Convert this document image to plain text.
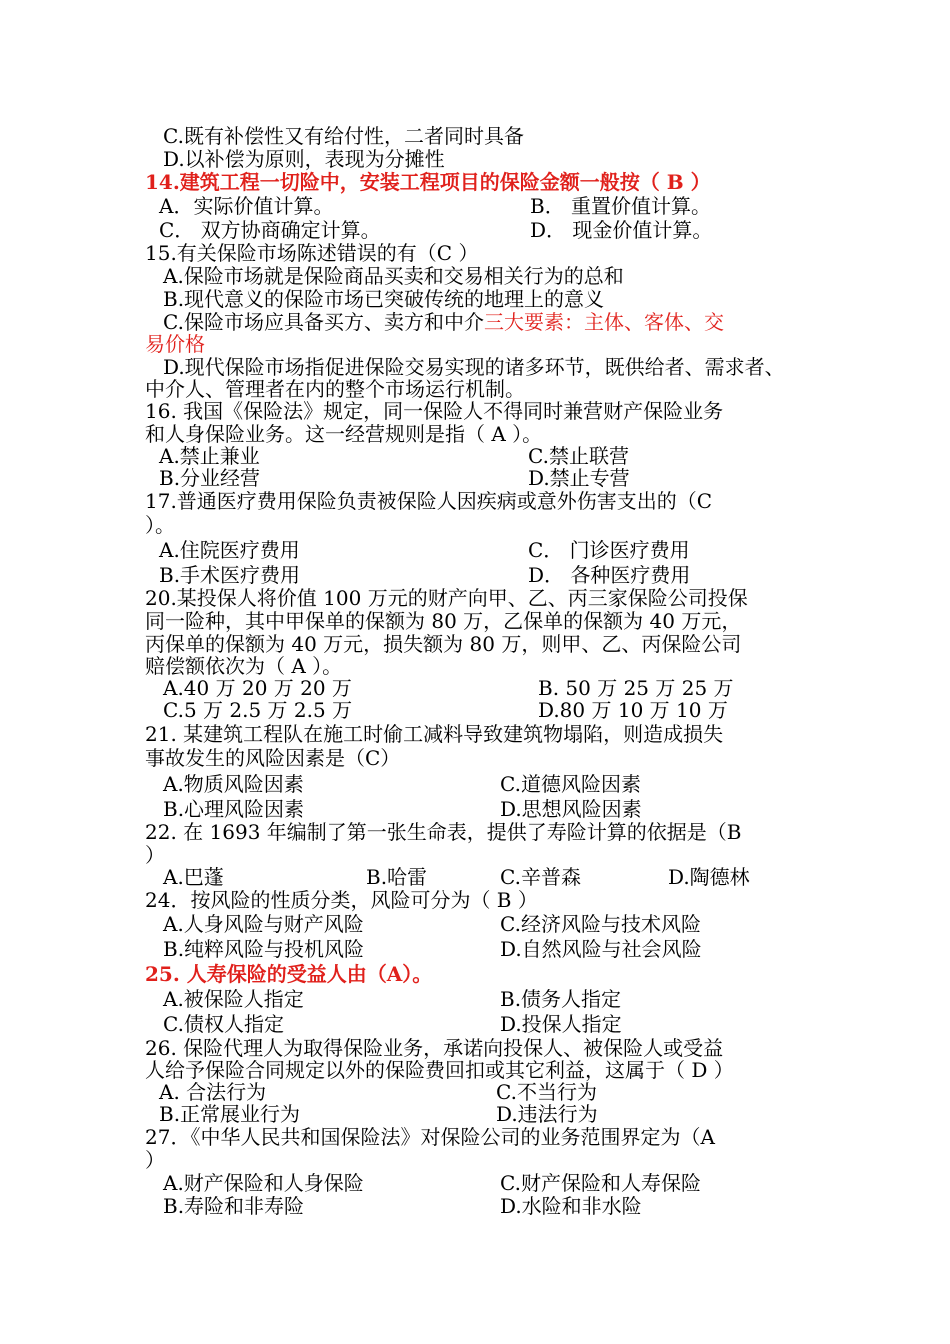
C.既有补偿性又有给付性，二者同时具备
D.以补偿为原则，表现为分摊性
14.建筑工程一切险中，安装工程项目的保险金额一般按（ B ）
A．实际价值计算。	B． 重置价值计算。
C． 双方协商确定计算。	D． 现金价值计算。
15.有关保险市场陈述错误的有（C ）
A.保险市场就是保险商品买卖和交易相关行为的总和
B.现代意义的保险市场已突破传统的地理上的意义
C.保险市场应具备买方、卖方和中介三大要素：主体、客体、交
易价格
D.现代保险市场指促进保险交易实现的诸多环节，既供给者、需求者、
中介人、管理者在内的整个市场运行机制。
16. 我国《保险法》规定，同一保险人不得同时兼营财产保险业务
和人身保险业务。这一经营规则是指（ A ）。
A.禁止兼业	C.禁止联营
B.分业经营	D.禁止专营
17.普通医疗费用保险负责被保险人因疾病或意外伤害支出的（C
）。
A.住院医疗费用	C． 门诊医疗费用
B.手术医疗费用	D． 各种医疗费用
20.某投保人将价值 100 万元的财产向甲、乙、丙三家保险公司投保
同一险种，其中甲保单的保额为 80 万，乙保单的保额为 40 万元，
丙保单的保额为 40 万元，损失额为 80 万，则甲、乙、丙保险公司
赔偿额依次为（ A ）。
A.40 万 20 万 20 万	B. 50 万 25 万 25 万
C.5 万 2.5 万 2.5 万	D.80 万 10 万 10 万
21. 某建筑工程队在施工时偷工减料导致建筑物塌陷，则造成损失
事故发生的风险因素是（C）
A.物质风险因素	C.道德风险因素
B.心理风险因素	D.思想风险因素
22. 在 1693 年编制了第一张生命表，提供了寿险计算的依据是（B
）
A.巴蓬	B.哈雷	C.辛普森	D.陶德林
24．按风险的性质分类，风险可分为（ B ）
A.人身风险与财产风险	C.经济风险与技术风险
B.纯粹风险与投机风险	D.自然风险与社会风险
25. 人寿保险的受益人由（A）。
A.被保险人指定	B.债务人指定
C.债权人指定	D.投保人指定
26. 保险代理人为取得保险业务，承诺向投保人、被保险人或受益
人给予保险合同规定以外的保险费回扣或其它利益，这属于（ D ）
A. 合法行为	C.不当行为
B.正常展业行为	D.违法行为
27．《中华人民共和国保险法》对保险公司的业务范围界定为（A
）
A.财产保险和人身保险	C.财产保险和人寿保险
B.寿险和非寿险	D.水险和非水险
